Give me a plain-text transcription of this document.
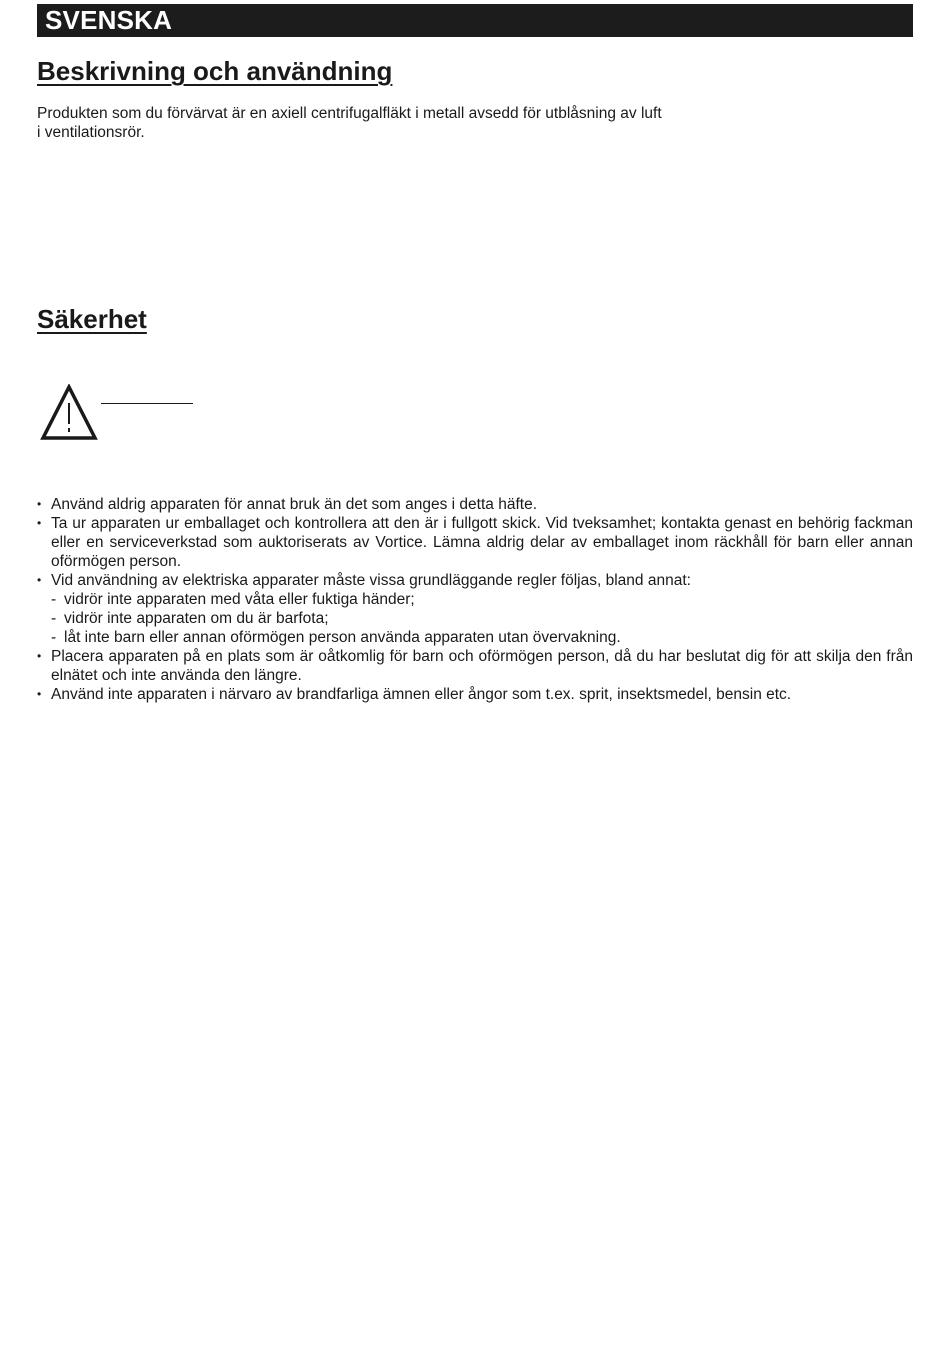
SVENSKA
Beskrivning och användning

Produkten som du förvärvat är en axiell centrifugalfläkt i metall avsedd för utblåsning av luft
i ventilationsrör.

Säkerhet
• Använd aldrig apparaten för annat bruk än det som anges i detta häfte.
• Ta ur apparaten ur emballaget och kontrollera att den är i fullgott skick. Vid tveksamhet; kontakta genast en behörig fackman eller en serviceverkstad som auktoriserats av Vortice. Lämna aldrig delar av emballaget inom räckhåll för barn eller annan oförmögen person.
• Vid användning av elektriska apparater måste vissa grundläggande regler följas, bland annat:
- vidrör inte apparaten med våta eller fuktiga händer;
- vidrör inte apparaten om du är barfota;
- låt inte barn eller annan oförmögen person använda apparaten utan övervakning.
• Placera apparaten på en plats som är oåtkomlig för barn och oförmögen person, då du har beslutat dig för att skilja den från elnätet och inte använda den längre.
• Använd inte apparaten i närvaro av brandfarliga ämnen eller ångor som t.ex. sprit, insektsmedel, bensin etc.
